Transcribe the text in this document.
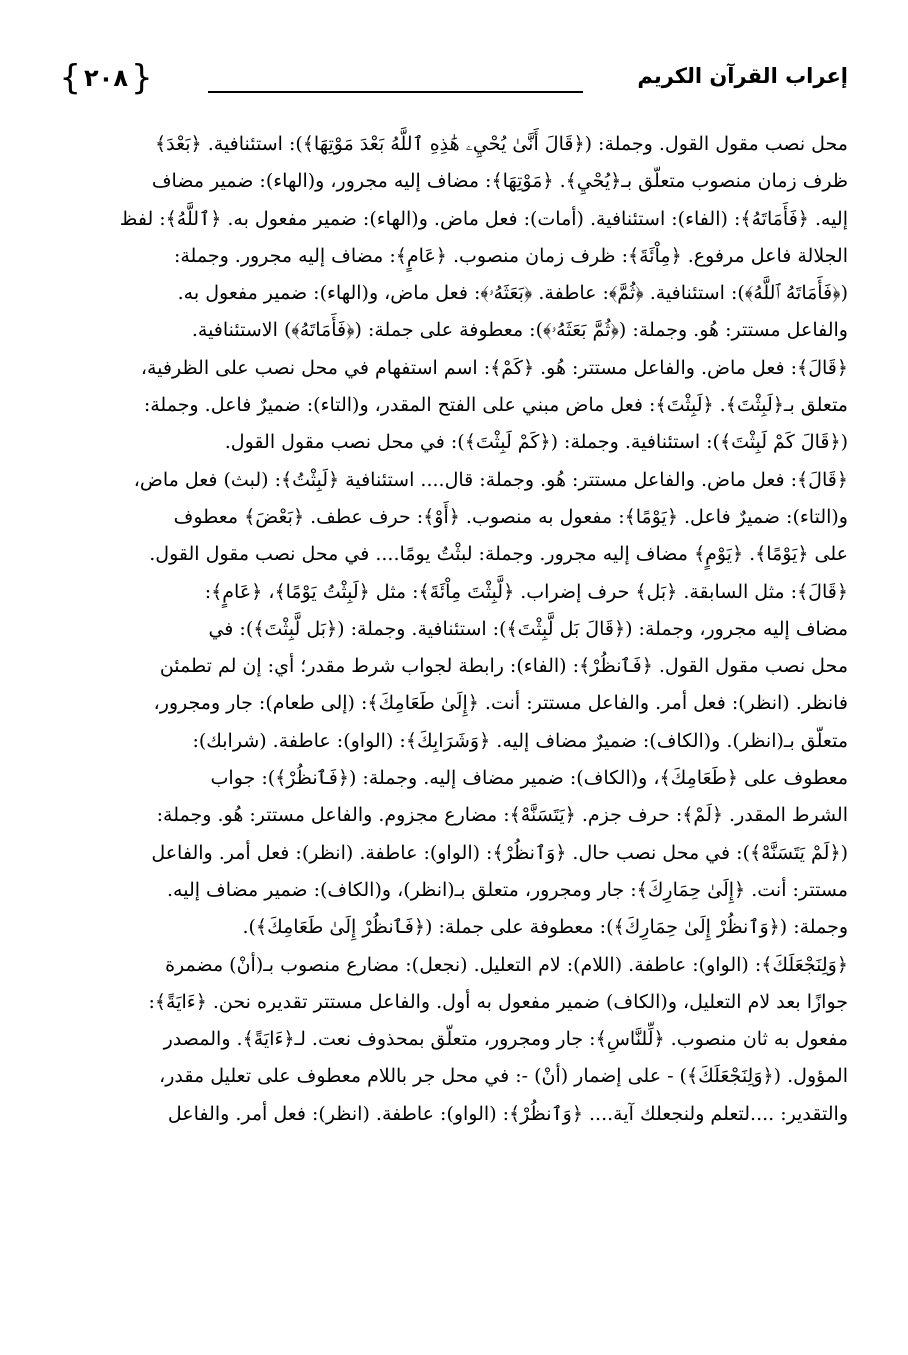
إعراب القرآن الكريم
{
٢٠٨
}

محل نصب مقول القول. وجملة: (﴿قَالَ أَنَّىٰ يُحْيِۦ هَٰذِهِ ٱللَّهُ بَعْدَ مَوْتِهَا﴾): استئنافية. ﴿بَعْدَ﴾

ظرف زمان منصوب متعلّق بـ﴿يُحْيِ﴾. ﴿مَوْتِهَا﴾: مضاف إليه مجرور، و(الهاء): ضمير مضاف

إليه. ﴿فَأَمَاتَهُ﴾: (الفاء): استئنافية. (أمات): فعل ماض. و(الهاء): ضمير مفعول به. ﴿ٱللَّهُ﴾: لفظ

الجلالة فاعل مرفوع. ﴿مِاْئَةَ﴾: ظرف زمان منصوب. ﴿عَامٍ﴾: مضاف إليه مجرور. وجملة:

(﴿فَأَمَاتَهُ ٱللَّهُ﴾): استئنافية. ﴿ثُمَّ﴾: عاطفة. ﴿بَعَثَهُۥ﴾: فعل ماض، و(الهاء): ضمير مفعول به.

والفاعل مستتر: هُو. وجملة: (﴿ثُمَّ بَعَثَهُۥ﴾): معطوفة على جملة: (﴿فَأَمَاتَهُ﴾) الاستئنافية.

﴿قَالَ﴾: فعل ماض. والفاعل مستتر: هُو. ﴿كَمْ﴾: اسم استفهام في محل نصب على الظرفية،

متعلق بـ﴿لَبِثْتَ﴾. ﴿لَبِثْتَ﴾: فعل ماض مبني على الفتح المقدر، و(التاء): ضميرٌ فاعل. وجملة:

(﴿قَالَ كَمْ لَبِثْتَ﴾): استئنافية. وجملة: (﴿كَمْ لَبِثْتَ﴾): في محل نصب مقول القول.

﴿قَالَ﴾: فعل ماض. والفاعل مستتر: هُو. وجملة: قال.... استئنافية ﴿لَبِثْتُ﴾: (لبث) فعل ماض،

و(التاء): ضميرٌ فاعل. ﴿يَوْمًا﴾: مفعول به منصوب. ﴿أَوْ﴾: حرف عطف. ﴿بَعْضَ﴾ معطوف

على ﴿يَوْمًا﴾. ﴿يَوْمٍ﴾ مضاف إليه مجرور. وجملة: لبثْتُ يومًا.... في محل نصب مقول القول.

﴿قَالَ﴾: مثل السابقة. ﴿بَل﴾ حرف إضراب. ﴿لَّبِثْتَ مِاْئَةَ﴾: مثل ﴿لَبِثْتُ يَوْمًا﴾، ﴿عَامٍ﴾:

مضاف إليه مجرور، وجملة: (﴿قَالَ بَل لَّبِثْتَ﴾): استئنافية. وجملة: (﴿بَل لَّبِثْتَ﴾): في

محل نصب مقول القول. ﴿فَٱنظُرْ﴾: (الفاء): رابطة لجواب شرط مقدر؛ أي: إن لم تطمئن

فانظر. (انظر): فعل أمر. والفاعل مستتر: أنت. ﴿إِلَىٰ طَعَامِكَ﴾: (إلى طعام): جار ومجرور،

متعلّق بـ(انظر). و(الكاف): ضميرٌ مضاف إليه. ﴿وَشَرَابِكَ﴾: (الواو): عاطفة. (شرابك):

معطوف على ﴿طَعَامِكَ﴾، و(الكاف): ضمير مضاف إليه. وجملة: (﴿فَٱنظُرْ﴾): جواب

الشرط المقدر. ﴿لَمْ﴾: حرف جزم. ﴿يَتَسَنَّهْ﴾: مضارع مجزوم. والفاعل مستتر: هُو. وجملة:

(﴿لَمْ يَتَسَنَّهْ﴾): في محل نصب حال. ﴿وَٱنظُرْ﴾: (الواو): عاطفة. (انظر): فعل أمر. والفاعل

مستتر: أنت. ﴿إِلَىٰ حِمَارِكَ﴾: جار ومجرور، متعلق بـ(انظر)، و(الكاف): ضمير مضاف إليه.

وجملة: (﴿وَٱنظُرْ إِلَىٰ حِمَارِكَ﴾): معطوفة على جملة: (﴿فَٱنظُرْ إِلَىٰ طَعَامِكَ﴾).

﴿وَلِنَجْعَلَكَ﴾: (الواو): عاطفة. (اللام): لام التعليل. (نجعل): مضارع منصوب بـ(أنْ) مضمرة

جوازًا بعد لام التعليل، و(الكاف) ضمير مفعول به أول. والفاعل مستتر تقديره نحن. ﴿ءَايَةً﴾:

مفعول به ثان منصوب. ﴿لِّلنَّاسِ﴾: جار ومجرور، متعلّق بمحذوف نعت. لـ﴿ءَايَةً﴾. والمصدر

المؤول. (﴿وَلِنَجْعَلَكَ﴾) - على إضمار (أنْ) -: في محل جر باللام معطوف على تعليل مقدر،

والتقدير: ....لتعلم ولنجعلك آية.... ﴿وَٱنظُرْ﴾: (الواو): عاطفة. (انظر): فعل أمر. والفاعل
